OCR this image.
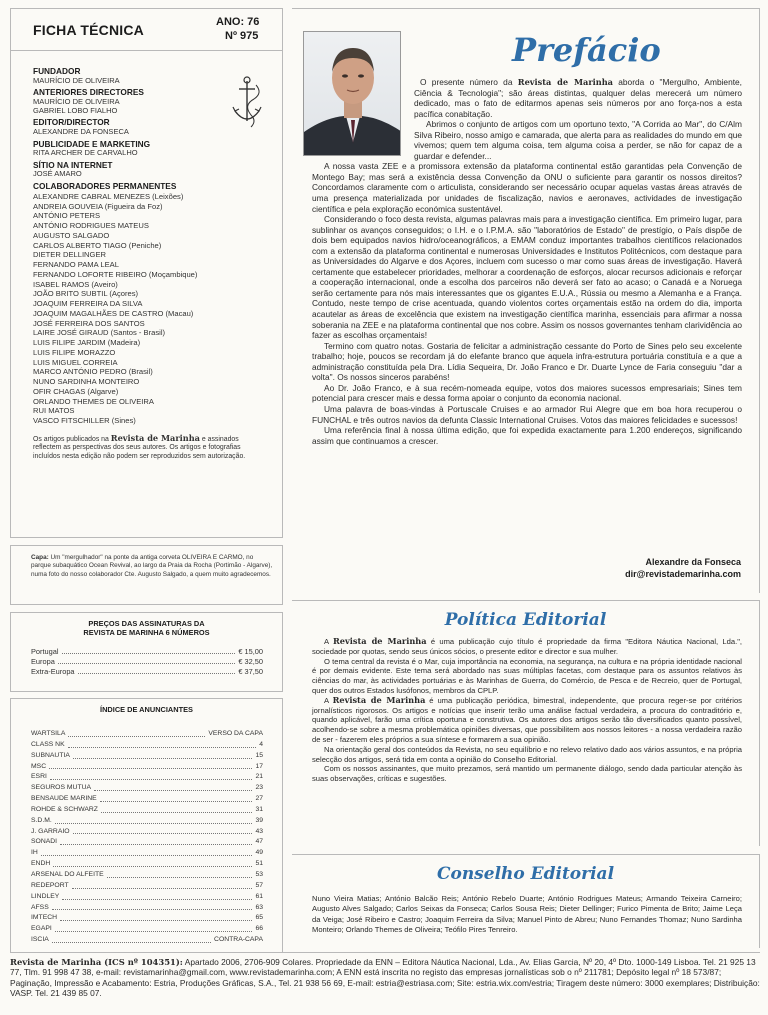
FICHA TÉCNICA	ANO: 76
Nº 975
FUNDADOR
MAURÍCIO DE OLIVEIRA
ANTERIORES DIRECTORES
MAURÍCIO DE OLIVEIRA
GABRIEL LOBO FIALHO
EDITOR/DIRECTOR
ALEXANDRE DA FONSECA
PUBLICIDADE E MARKETING
RITA ARCHER DE CARVALHO
SÍTIO NA INTERNET
JOSÉ AMARO
COLABORADORES PERMANENTES
ALEXANDRE CABRAL MENEZES (Leixões)
ANDREIA GOUVEIA (Figueira da Foz)
ANTÓNIO PETERS
ANTÓNIO RODRIGUES MATEUS
AUGUSTO SALGADO
CARLOS ALBERTO TIAGO (Peniche)
DIETER DELLINGER
FERNANDO PAMA LEAL
FERNANDO LOFORTE RIBEIRO (Moçambique)
ISABEL RAMOS (Aveiro)
JOÃO BRITO SUBTIL (Açores)
JOAQUIM FERREIRA DA SILVA
JOAQUIM MAGALHÃES DE CASTRO (Macau)
JOSÉ FERREIRA DOS SANTOS
LAIRE JOSÉ GIRAUD (Santos - Brasil)
LUIS FILIPE JARDIM (Madeira)
LUIS FILIPE MORAZZO
LUIS MIGUEL CORREIA
MARCO ANTÓNIO PEDRO (Brasil)
NUNO SARDINHA MONTEIRO
OFIR CHAGAS (Algarve)
ORLANDO THEMES DE OLIVEIRA
RUI MATOS
VASCO FITSCHILLER (Sines)
Os artigos publicados na Revista de Marinha e assinados reflectem as perspectivas dos seus autores. Os artigos e fotografias incluídos nesta edição não podem ser reproduzidos sem autorização.
Capa: Um "mergulhador" na ponte da antiga corveta OLIVEIRA E CARMO, no parque subaquático Ocean Revival, ao largo da Praia da Rocha (Portimão - Algarve), numa foto do nosso colaborador Cte. Augusto Salgado, a quem muito agradecemos.
PREÇOS DAS ASSINATURAS DA
REVISTA DE MARINHA 6 NÚMEROS
Portugal	€ 15,00
Europa	€ 32,50
Extra-Europa	€ 37,50
ÍNDICE DE ANUNCIANTES
WARTSILA	VERSO DA CAPA
CLASS NK	4
SUBNAUTIA	15
MSC	17
ESRI	21
SEGUROS MUTUA	23
BENSAUDE MARINE	27
ROHDE & SCHWARZ	31
S.D.M.	39
J. GARRAIO	43
SONADI	47
IH	49
ENDH	51
ARSENAL DO ALFEITE	53
REDEPORT	57
LINDLEY	61
AFSS	63
IMTECH	65
EGAPI	66
ISCIA	CONTRA-CAPA
Prefácio

O presente número da Revista de Marinha aborda o "Mergulho, Ambiente, Ciência & Tecnologia"; são áreas distintas, qualquer delas merecerá um número dedicado, mas o fato de editarmos apenas seis números por ano força-nos a esta pacífica conabitação.

Abrimos o conjunto de artigos com um oportuno texto, "A Corrida ao Mar", do C/Alm Silva Ribeiro, nosso amigo e camarada, que alerta para as realidades do mundo em que vivemos; quem tem alguma coisa, tem alguma coisa a perder, se não for capaz de a guardar e defender...

A nossa vasta ZEE e a promissora extensão da plataforma continental estão garantidas pela Convenção de Montego Bay; mas será a existência dessa Convenção da ONU o suficiente para garantir os nossos direitos? Concordamos claramente com o articulista, considerando ser necessário ocupar aquelas vastas áreas através de uma presença materializada por unidades de fiscalização, navios e aeronaves, actividades de investigação científica e pela exploração económica sustentável.

Considerando o foco desta revista, algumas palavras mais para a investigação científica. Em primeiro lugar, para sublinhar os avanços conseguidos; o I.H. e o I.P.M.A. são "laboratórios de Estado" de prestígio, o País dispõe de dois bem equipados navios hidro/oceanográficos, a EMAM conduz importantes trabalhos científicos relacionados com a extensão da plataforma continental e numerosas Universidades e Institutos Politécnicos, com destaque para as Universidades do Algarve e dos Açores, incluem com sucesso o mar como suas áreas de investigação. Haverá certamente que estabelecer prioridades, melhorar a coordenação de esforços, alocar recursos adicionais e reforçar a cooperação internacional, onde a escolha dos parceiros não deverá ser fato ao acaso; o Canadá e a Noruega serão certamente para nós mais interessantes que os gigantes E.U.A., Rússia ou mesmo a Alemanha e a França. Contudo, neste tempo de crise acentuada, quando violentos cortes orçamentais estão na ordem do dia, importa acautelar as áreas de excelência que existem na investigação científica marinha, essenciais para afirmar a nossa soberania na ZEE e na plataforma continental que nos cobre. Assim os nossos governantes tenham clarividência ao fazer as escolhas orçamentais!

Termino com quatro notas. Gostaria de felicitar a administração cessante do Porto de Sines pelo seu excelente trabalho; hoje, poucos se recordam já do elefante branco que aquela infra-estrutura portuária constituía e a que a administração constituída pela Dra. Lídia Sequeira, Dr. João Franco e Dr. Duarte Lynce de Faria conseguiu "dar a volta". Os nossos sinceros parabéns!

Ao Dr. João Franco, e à sua recém-nomeada equipe, votos dos maiores sucessos empresariais; Sines tem potencial para crescer mais e dessa forma apoiar o conjunto da economia nacional.

Uma palavra de boas-vindas à Portuscale Cruises e ao armador Rui Alegre que em boa hora recuperou o FUNCHAL e três outros navios da defunta Classic International Cruises. Votos das maiores felicidades e sucessos!

Uma referência final à nossa última edição, que foi expedida exactamente para 1.200 endereços, significando assim que continuamos a crescer.

Alexandre da Fonseca
dir@revistademarinha.com
Política Editorial

A Revista de Marinha é uma publicação cujo título é propriedade da firma "Editora Náutica Nacional, Lda.", sociedade por quotas, sendo seus únicos sócios, o presente editor e director e sua mulher.

O tema central da revista é o Mar, cuja importância na economia, na segurança, na cultura e na própria identidade nacional é por demais evidente. Este tema será abordado nas suas múltiplas facetas, com destaque para os assuntos relativos às ciências do mar, às actividades portuárias e às Marinhas de Guerra, do Comércio, de Pesca e de Recreio, quer de Portugal, quer dos outros Estados lusófonos, membros da CPLP.

A Revista de Marinha é uma publicação periódica, bimestral, independente, que procura reger-se por critérios jornalísticos rigorosos. Os artigos e notícias que inserir terão uma análise factual verdadeira, a procura do contraditório e, quando aplicável, farão uma crítica oportuna e construtiva. Os autores dos artigos serão tão diversificados quanto possível, acolhendo-se sobre a mesma problemática opiniões diversas, que possibilitem aos nossos leitores - a nossa verdadeira razão de ser - fazerem eles próprios a sua síntese e formarem a sua opinião.

Na orientação geral dos conteúdos da Revista, no seu equilíbrio e no relevo relativo dado aos vários assuntos, e na própria selecção dos artigos, será tida em conta a opinião do Conselho Editorial.

Com os nossos assinantes, que muito prezamos, será mantido um permanente diálogo, sendo dada particular atenção às suas observações, críticas e sugestões.

Conselho Editorial
Nuno Vieira Matias; António Balcão Reis; António Rebelo Duarte; António Rodrigues Mateus; Armando Teixeira Carneiro; Augusto Alves Salgado; Carlos Seixas da Fonseca; Carlos Sousa Reis; Dieter Dellinger; Furico Pimenta de Brito; Jaime Leça da Veiga; José Ribeiro e Castro; Joaquim Ferreira da Silva; Manuel Pinto de Abreu; Nuno Fernandes Thomaz; Nuno Sardinha Monteiro; Orlando Themes de Oliveira; Teófilo Pires Tenreiro.
Revista de Marinha (ICS nº 104351): Apartado 2006, 2706-909 Colares. Propriedade da ENN – Editora Náutica Nacional, Lda., Av. Elias Garcia, Nº 20, 4º Dto. 1000-149 Lisboa. Tel. 21 925 13 77, Tlm. 91 998 47 38, e-mail: revistamarinha@gmail.com, www.revistademarinha.com; A ENN está inscrita no registo das empresas jornalísticas sob o nº 211781; Depósito legal nº 18 573/87; Paginação, Impressão e Acabamento: Estria, Produções Gráficas, S.A., Tel. 21 938 56 69, E-mail: estria@estriasa.com; Site: estria.wix.com/estria; Tiragem deste número: 3000 exemplares; Distribuição: VASP. Tel. 21 439 85 07.
